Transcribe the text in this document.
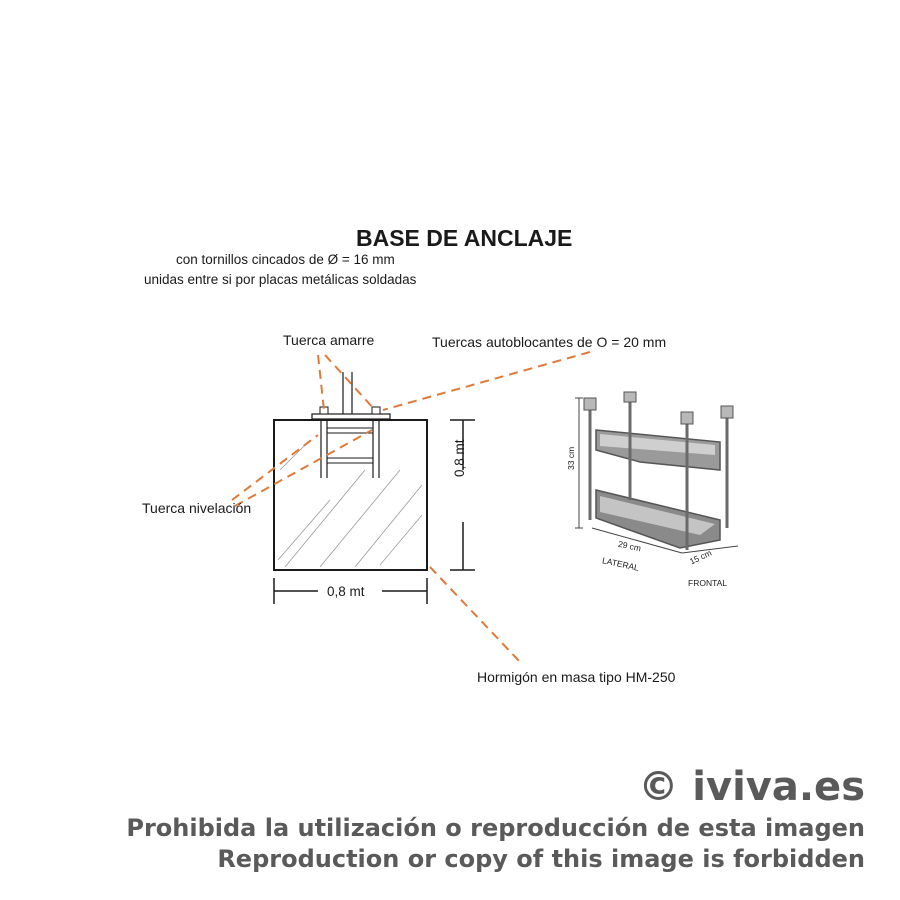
BASE DE ANCLAJE
con tornillos cincados de Ø = 16 mm
unidas entre si por placas metálicas soldadas
Tuerca amarre	Tuercas autoblocantes de O = 20 mm
Tuerca nivelación
Hormigón en masa tipo HM-250
0,8 mt
0,8 mt	33 cm
29 cm
15 cm
LATERAL
FRONTAL
© iviva.es
Prohibida la utilización o reproducción de esta imagen
Reproduction or copy of this image is forbidden
